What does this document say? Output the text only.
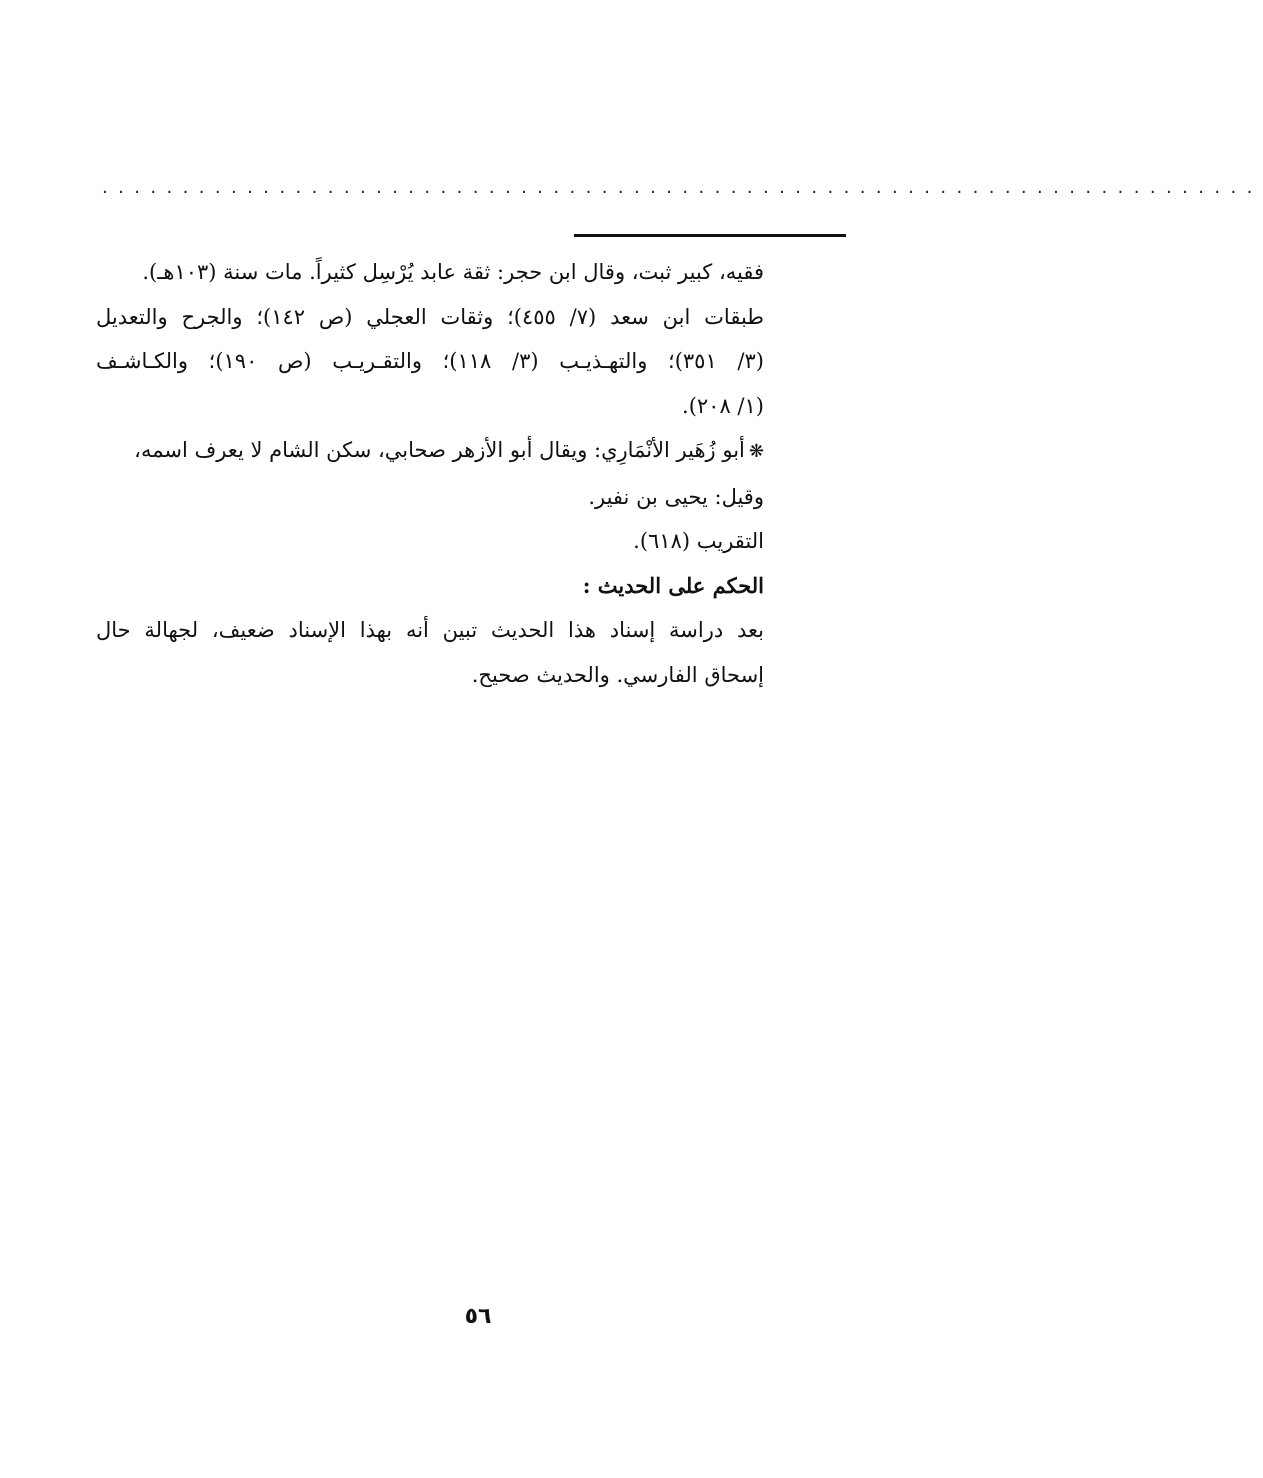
........................................................................
فقيه، كبير ثبت، وقال ابن حجر: ثقة عابد يُرْسِل كثيراً. مات سنة (١٠٣هـ).
طبقات ابن سعد (٧/ ٤٥٥)؛ وثقات العجلي (ص ١٤٢)؛ والجرح والتعديل
(٣/ ٣٥١)؛ والتهـذيـب (٣/ ١١٨)؛ والتقـريـب (ص ١٩٠)؛ والكـاشـف
(١/ ٢٠٨).
❋أبو زُهَير الأنْمَارِي: ويقال أبو الأزهر صحابي، سكن الشام لا يعرف اسمه،
وقيل: يحيى بن نفير.
التقريب (٦١٨).
الحكم على الحديث :
بعد دراسة إسناد هذا الحديث تبين أنه بهذا الإسناد ضعيف، لجهالة حال
إسحاق الفارسي. والحديث صحيح.
٥٦
